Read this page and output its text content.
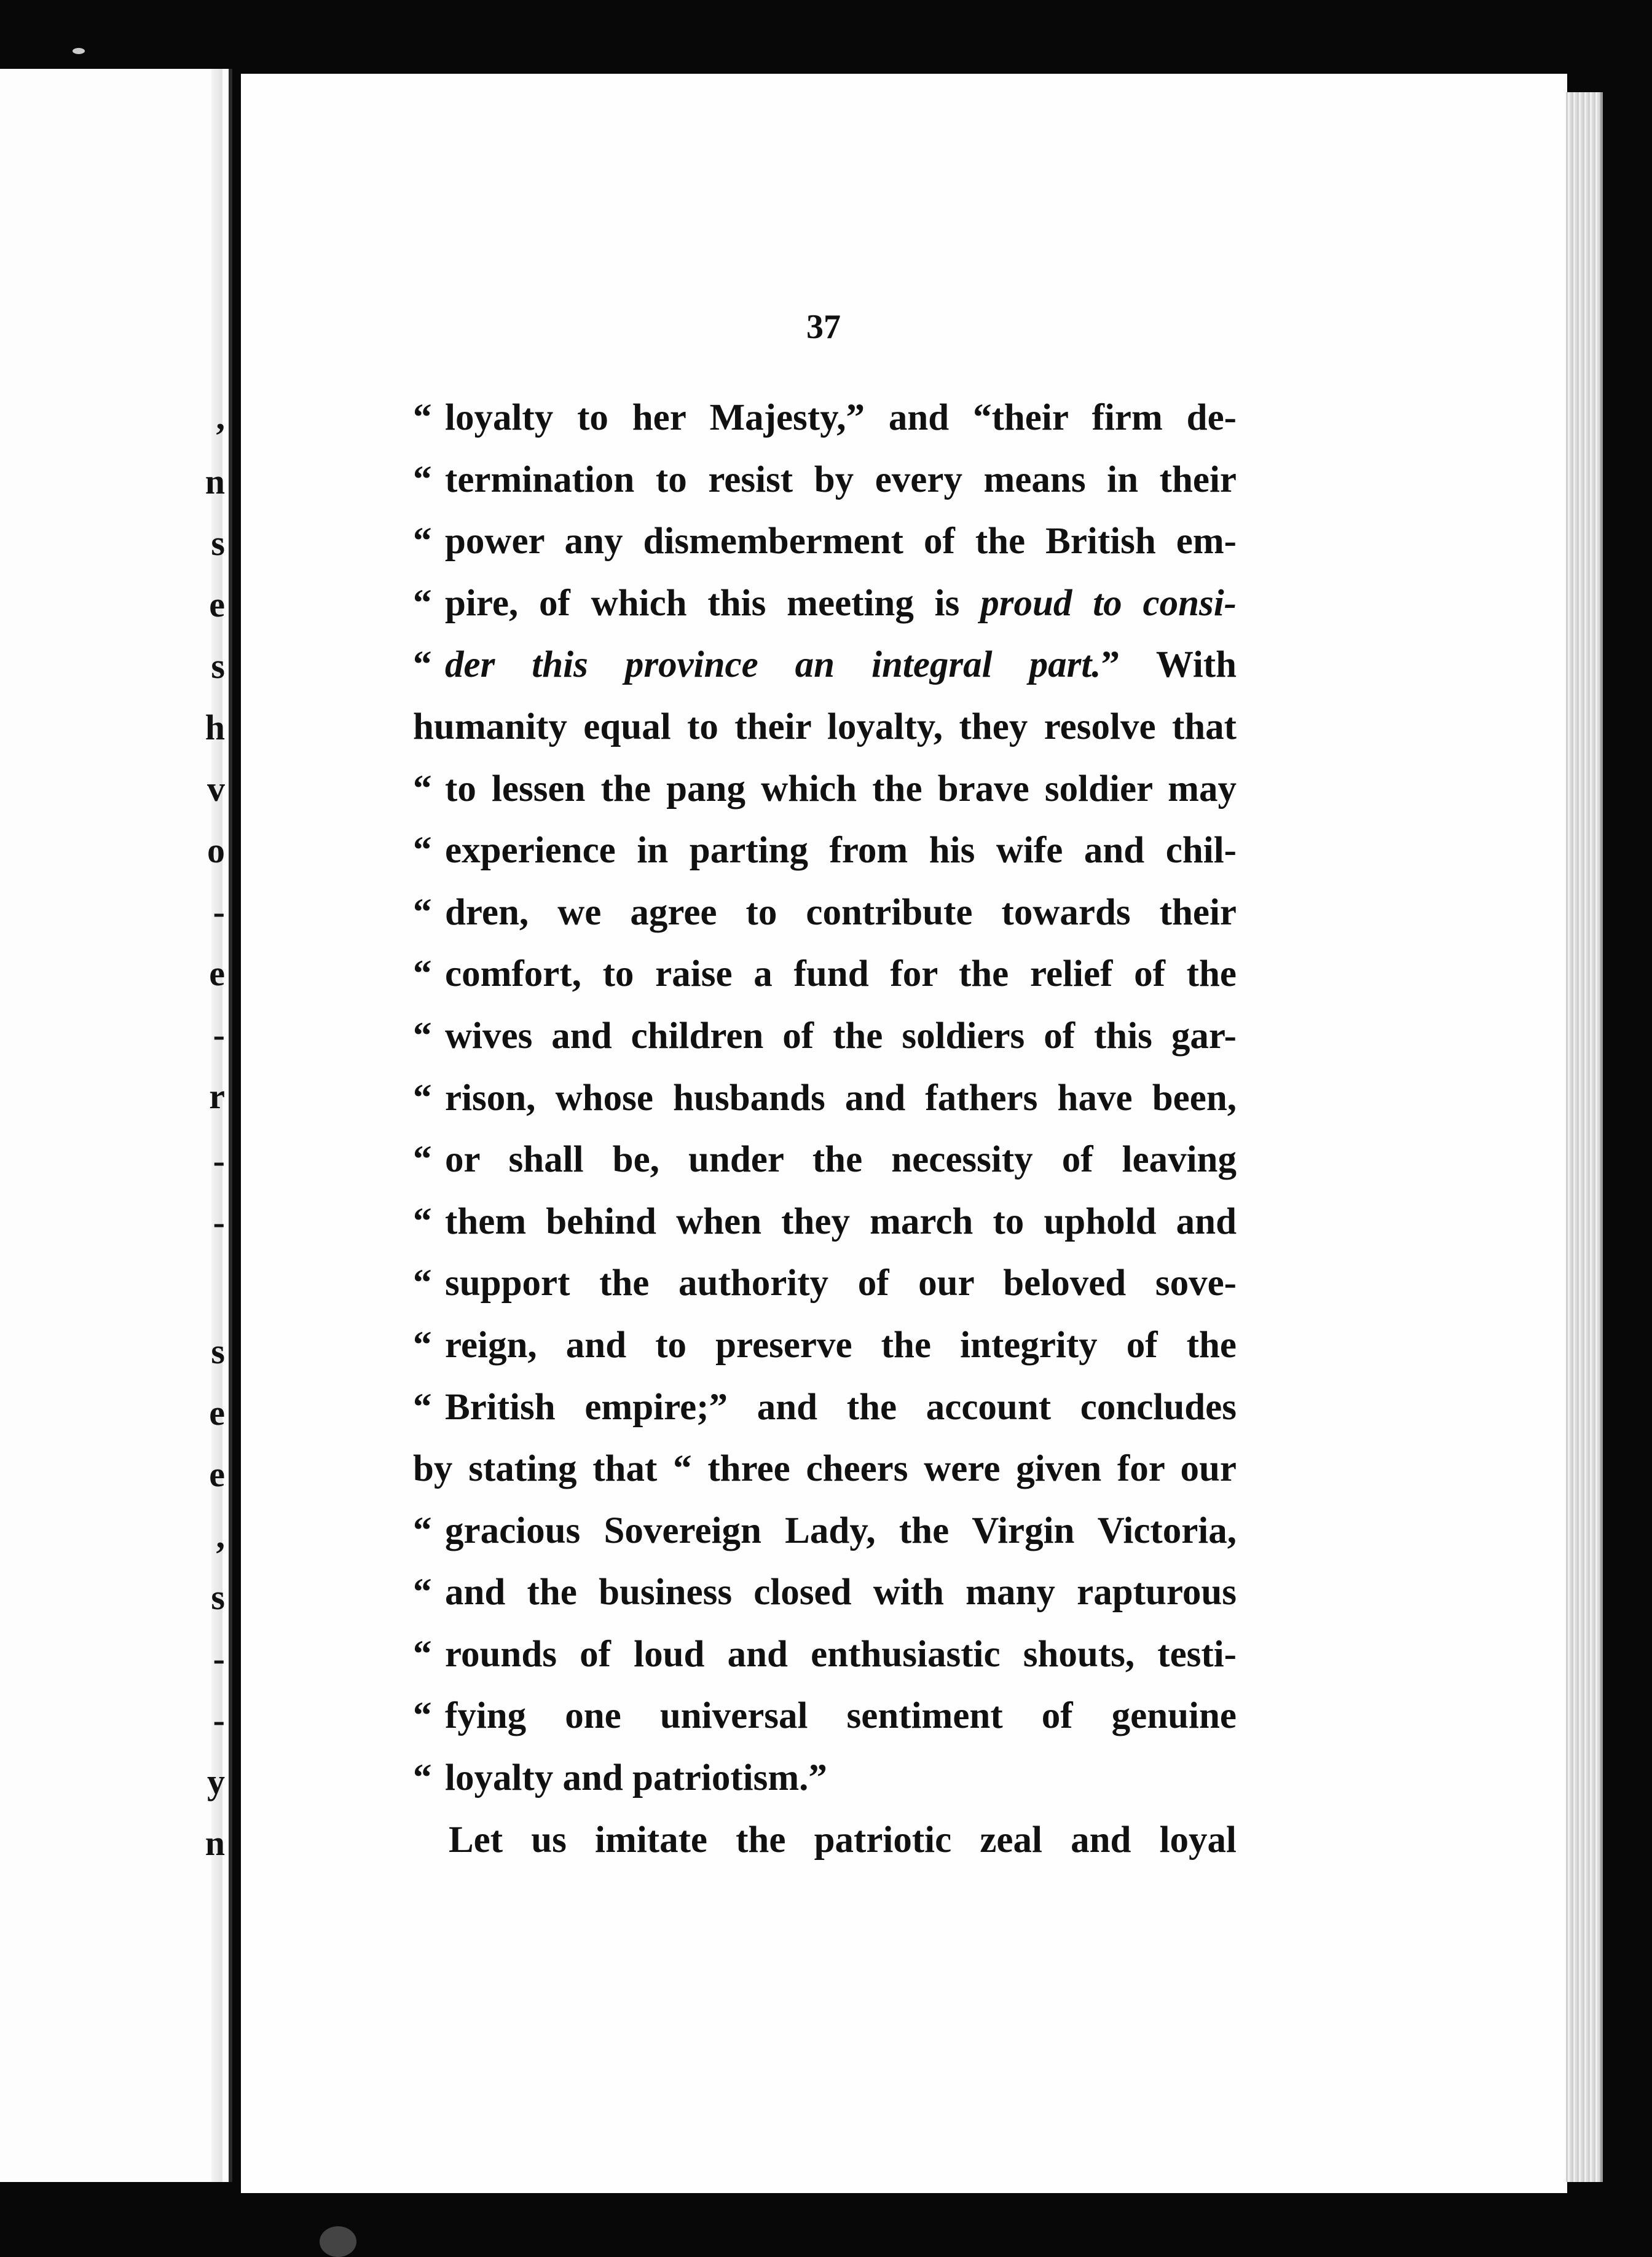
,
n
s
e
s
h
v
o
-
e
-
r
-
-
s
e
e
,
s
-
-
y
n
37
“ loyalty to her Majesty,” and “their firm de-
“ termination to resist by every means in their
“ power any dismemberment of the British em-
“ pire, of which this meeting is proud to consi-
“ der this province an integral part.” With
humanity equal to their loyalty, they resolve that
“ to lessen the pang which the brave soldier may
“ experience in parting from his wife and chil-
“ dren, we agree to contribute towards their
“ comfort, to raise a fund for the relief of the
“ wives and children of the soldiers of this gar-
“ rison, whose husbands and fathers have been,
“ or shall be, under the necessity of leaving
“ them behind when they march to uphold and
“ support the authority of our beloved sove-
“ reign, and to preserve the integrity of the
“ British empire;” and the account concludes
by stating that “ three cheers were given for our
“ gracious Sovereign Lady, the Virgin Victoria,
“ and the business closed with many rapturous
“ rounds of loud and enthusiastic shouts, testi-
“ fying one universal sentiment of genuine
“ loyalty and patriotism.”
Let us imitate the patriotic zeal and loyal
